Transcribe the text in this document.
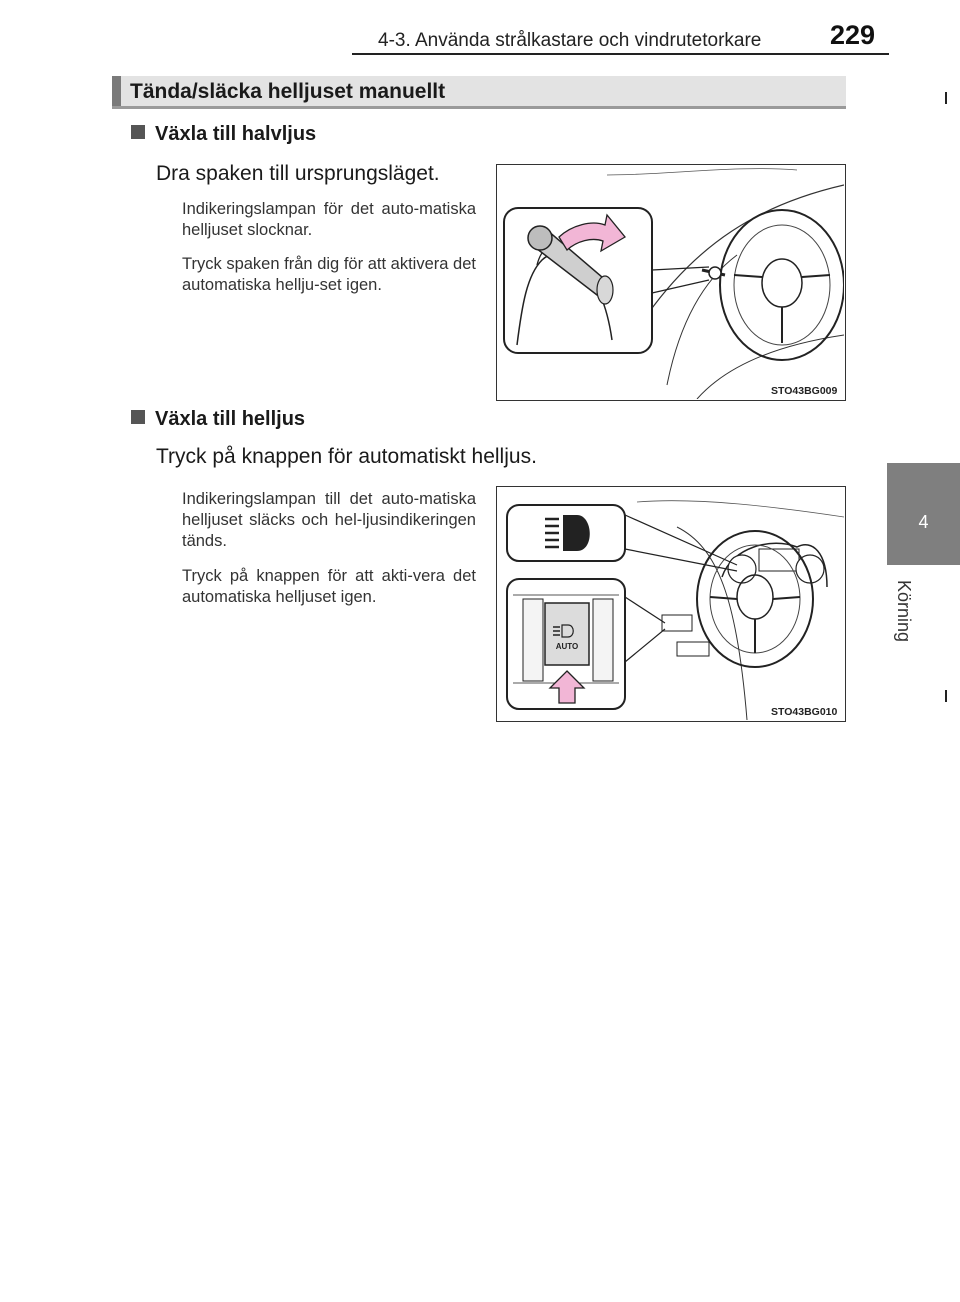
4-3. Använda strålkastare och vindrutetorkare	229
4
Körning
Tända/släcka helljuset manuellt
Växla till halvljus
Dra spaken till ursprungsläget.
Indikeringslampan för det auto-matiska helljuset slocknar.
Tryck spaken från dig för att aktivera det automatiska hellju-set igen.
STO43BG009
Växla till helljus
Tryck på knappen för automatiskt helljus.
Indikeringslampan till det auto-matiska helljuset släcks och hel-ljusindikeringen tänds.
Tryck på knappen för att akti-vera det automatiska helljuset igen.
AUTO
STO43BG010
